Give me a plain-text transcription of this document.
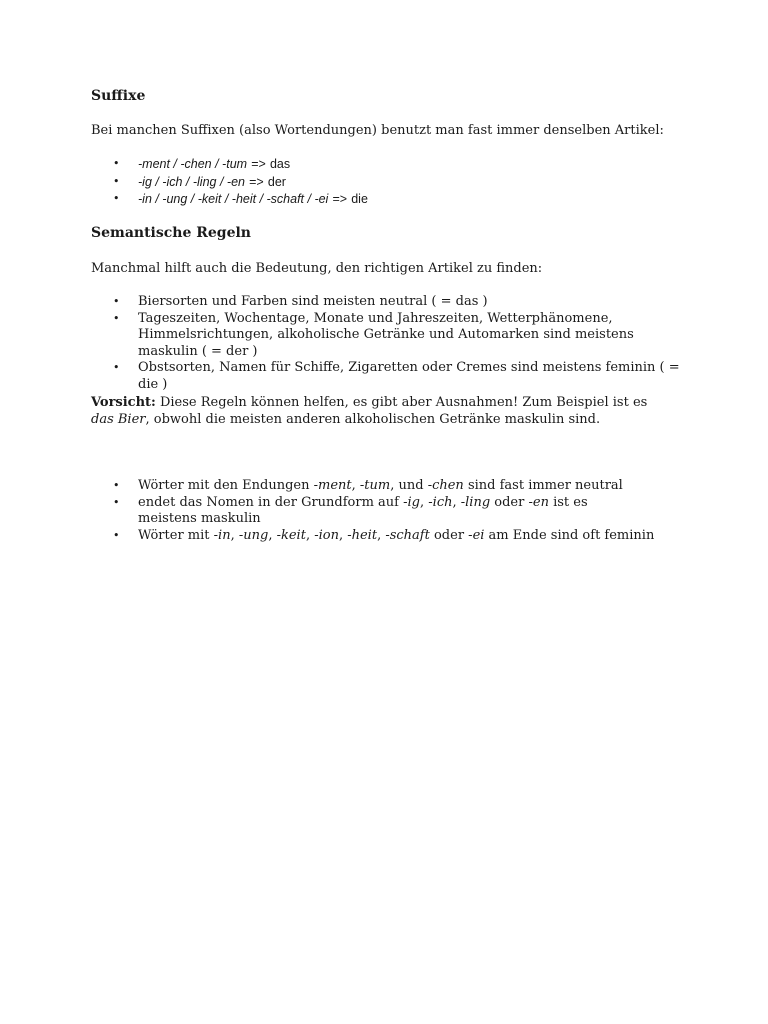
Suffixe

Bei manchen Suffixen (also Wortendungen) benutzt man fast immer denselben Artikel:

• -ment / -chen / -tum => das
• -ig / -ich / -ling / -en => der
• -in / -ung / -keit / -heit / -schaft / -ei => die
Semantische Regeln

Manchmal hilft auch die Bedeutung, den richtigen Artikel zu finden:

• Biersorten und Farben sind meisten neutral ( = das )
• Tageszeiten, Wochentage, Monate und Jahreszeiten, Wetterphänomene, Himmelsrichtungen, alkoholische Getränke und Automarken sind meistens maskulin ( = der )
• Obstsorten, Namen für Schiffe, Zigaretten oder Cremes sind meistens feminin ( = die )

Vorsicht: Diese Regeln können helfen, es gibt aber Ausnahmen! Zum Beispiel ist es das Bier, obwohl die meisten anderen alkoholischen Getränke maskulin sind.

• Wörter mit den Endungen -ment, -tum, und -chen sind fast immer neutral
• endet das Nomen in der Grundform auf -ig, -ich, -ling oder -en ist es meistens maskulin
• Wörter mit -in, -ung, -keit, -ion, -heit, -schaft oder -ei am Ende sind oft feminin
